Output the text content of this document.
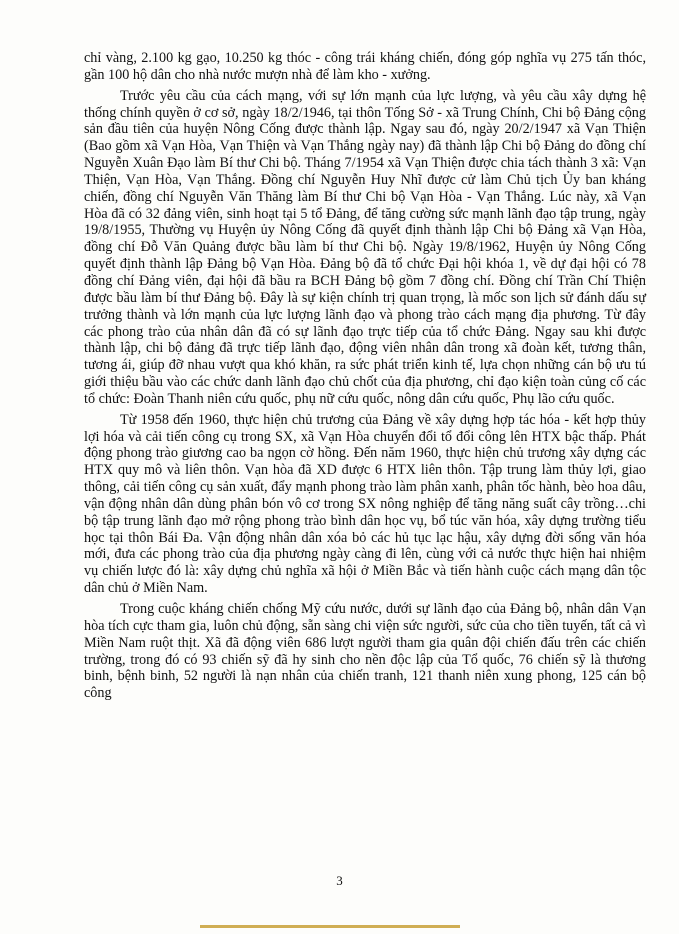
chỉ vàng, 2.100 kg gạo, 10.250 kg thóc - công trái kháng chiến, đóng góp nghĩa vụ 275 tấn thóc, gần 100 hộ dân cho nhà nước mượn nhà để làm kho - xưởng.

Trước yêu cầu của cách mạng, với sự lớn mạnh của lực lượng, và yêu cầu xây dựng hệ thống chính quyền ở cơ sở, ngày 18/2/1946, tại thôn Tống Sở - xã Trung Chính, Chi bộ Đảng cộng sản đầu tiên của huyện Nông Cống được thành lập. Ngay sau đó, ngày 20/2/1947 xã Vạn Thiện (Bao gồm xã Vạn Hòa, Vạn Thiện và Vạn Thắng ngày nay) đã thành lập Chi bộ Đảng do đồng chí Nguyễn Xuân Đạo làm Bí thư Chi bộ. Tháng 7/1954 xã Vạn Thiện được chia tách thành 3 xã: Vạn Thiện, Vạn Hòa, Vạn Thắng. Đồng chí Nguyễn Huy Nhĩ được cử làm Chủ tịch Ủy ban kháng chiến, đồng chí Nguyễn Văn Thăng làm Bí thư Chi bộ Vạn Hòa - Vạn Thắng. Lúc này, xã Vạn Hòa đã có 32 đảng viên, sinh hoạt tại 5 tổ Đảng, để tăng cường sức mạnh lãnh đạo tập trung, ngày 19/8/1955, Thường vụ Huyện ủy Nông Cống đã quyết định thành lập Chi bộ Đảng xã Vạn Hòa, đồng chí Đỗ Văn Quảng được bầu làm bí thư Chi bộ. Ngày 19/8/1962, Huyện ủy Nông Cống quyết định thành lập Đảng bộ Vạn Hòa. Đảng bộ đã tổ chức Đại hội khóa 1, về dự đại hội có 78 đồng chí Đảng viên, đại hội đã bầu ra BCH Đảng bộ gồm 7 đồng chí. Đồng chí Trần Chí Thiện được bầu làm bí thư Đảng bộ. Đây là sự kiện chính trị quan trọng, là mốc son lịch sử đánh dấu sự trưởng thành và lớn mạnh của lực lượng lãnh đạo và phong trào cách mạng địa phương. Từ đây các phong trào của nhân dân đã có sự lãnh đạo trực tiếp của tổ chức Đảng. Ngay sau khi được thành lập, chi bộ đảng đã trực tiếp lãnh đạo, động viên nhân dân trong xã đoàn kết, tương thân, tương ái, giúp đỡ nhau vượt qua khó khăn, ra sức phát triển kinh tế, lựa chọn những cán bộ ưu tú giới thiệu bầu vào các chức danh lãnh đạo chủ chốt của địa phương, chỉ đạo kiện toàn củng cố các tổ chức: Đoàn Thanh niên cứu quốc, phụ nữ cứu quốc, nông dân cứu quốc, Phụ lão cứu quốc.

Từ 1958 đến 1960, thực hiện chủ trương của Đảng về xây dựng hợp tác hóa - kết hợp thủy lợi hóa và cải tiến công cụ trong SX, xã Vạn Hòa chuyển đổi tổ đổi công lên HTX bậc thấp. Phát động phong trào giương cao ba ngọn cờ hồng. Đến năm 1960, thực hiện chủ trương xây dựng các HTX quy mô và liên thôn. Vạn hòa đã XD được 6 HTX liên thôn. Tập trung làm thủy lợi, giao thông, cải tiến công cụ sản xuất, đẩy mạnh phong trào làm phân xanh, phân tốc hành, bèo hoa dâu, vận động nhân dân dùng phân bón vô cơ trong SX nông nghiệp để tăng năng suất cây trồng…chi bộ tập trung lãnh đạo mở rộng phong trào bình dân học vụ, bổ túc văn hóa, xây dựng trường tiểu học tại thôn Bái Đa. Vận động nhân dân xóa bỏ các hủ tục lạc hậu, xây dựng đời sống văn hóa mới, đưa các phong trào của địa phương ngày càng đi lên, cùng với cả nước thực hiện hai nhiệm vụ chiến lược đó là: xây dựng chủ nghĩa xã hội ở Miền Bắc và tiến hành cuộc cách mạng dân tộc dân chủ ở Miền Nam.

Trong cuộc kháng chiến chống Mỹ cứu nước, dưới sự lãnh đạo của Đảng bộ, nhân dân Vạn hòa tích cực tham gia, luôn chủ động, sẵn sàng chi viện sức người, sức của cho tiền tuyến, tất cả vì Miền Nam ruột thịt. Xã đã động viên 686 lượt người tham gia quân đội chiến đấu trên các chiến trường, trong đó có 93 chiến sỹ đã hy sinh cho nền độc lập của Tổ quốc, 76 chiến sỹ là thương binh, bệnh binh, 52 người là nạn nhân của chiến tranh, 121 thanh niên xung phong, 125 cán bộ công

3
